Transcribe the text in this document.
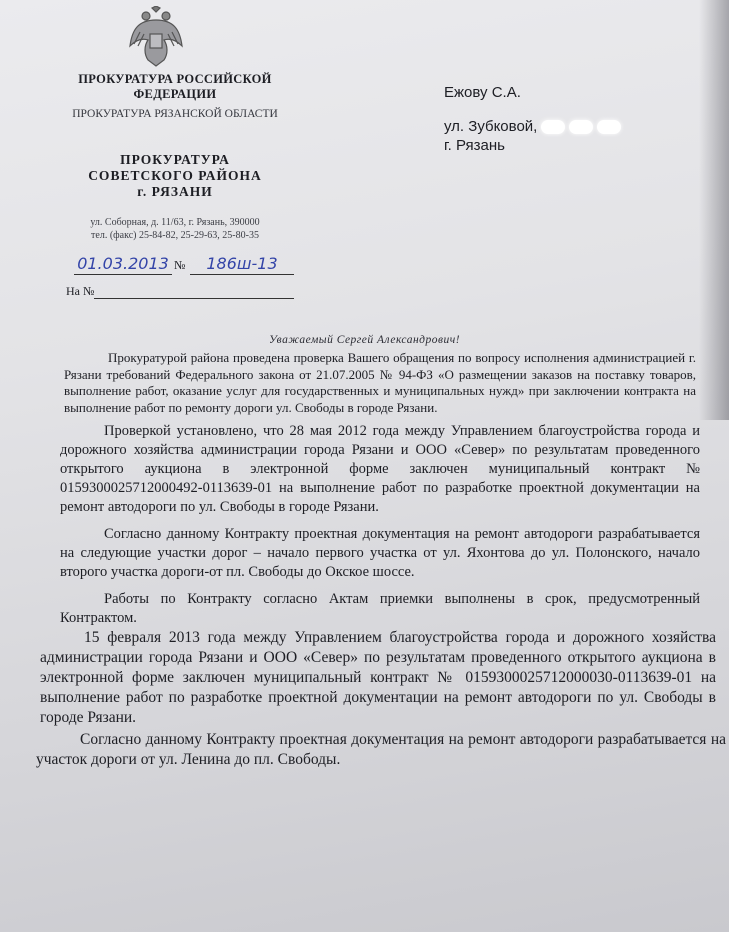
ПРОКУРАТУРА РОССИЙСКОЙ ФЕДЕРАЦИИ
ПРОКУРАТУРА РЯЗАНСКОЙ ОБЛАСТИ
ПРОКУРАТУРА
СОВЕТСКОГО РАЙОНА
г. РЯЗАНИ
ул. Соборная, д. 11/63, г. Рязань, 390000
тел. (факс) 25-84-82, 25-29-63, 25-80-35
01.03.2013 №	186ш-13
На №
Ежову С.А.
ул. Зубковой,
г. Рязань
Уважаемый Сергей Александрович!

Прокуратурой района проведена проверка Вашего обращения по вопросу исполнения администрацией г. Рязани требований Федерального закона от 21.07.2005 № 94-ФЗ «О размещении заказов на поставку товаров, выполнение работ, оказание услуг для государственных и муниципальных нужд» при заключении контракта на выполнение работ по ремонту дороги ул. Свободы в городе Рязани.

Проверкой установлено, что 28 мая 2012 года между Управлением благоустройства города и дорожного хозяйства администрации города Рязани и ООО «Север» по результатам проведенного открытого аукциона в электронной форме заключен муниципальный контракт № 0159300025712000492-0113639-01 на выполнение работ по разработке проектной документации на ремонт автодороги по ул. Свободы в городе Рязани.

Согласно данному Контракту проектная документация на ремонт автодороги разрабатывается на следующие участки дорог – начало первого участка от ул. Яхонтова до ул. Полонского, начало второго участка дороги-от пл. Свободы до Окское шоссе.

Работы по Контракту согласно Актам приемки выполнены в срок, предусмотренный Контрактом.

15 февраля 2013 года между Управлением благоустройства города и дорожного хозяйства администрации города Рязани и ООО «Север» по результатам проведенного открытого аукциона в электронной форме заключен муниципальный контракт № 0159300025712000030-0113639-01 на выполнение работ по разработке проектной документации на ремонт автодороги по ул. Свободы в городе Рязани.

Согласно данному Контракту проектная документация на ремонт автодороги разрабатывается на участок дороги от ул. Ленина до пл. Свободы.
